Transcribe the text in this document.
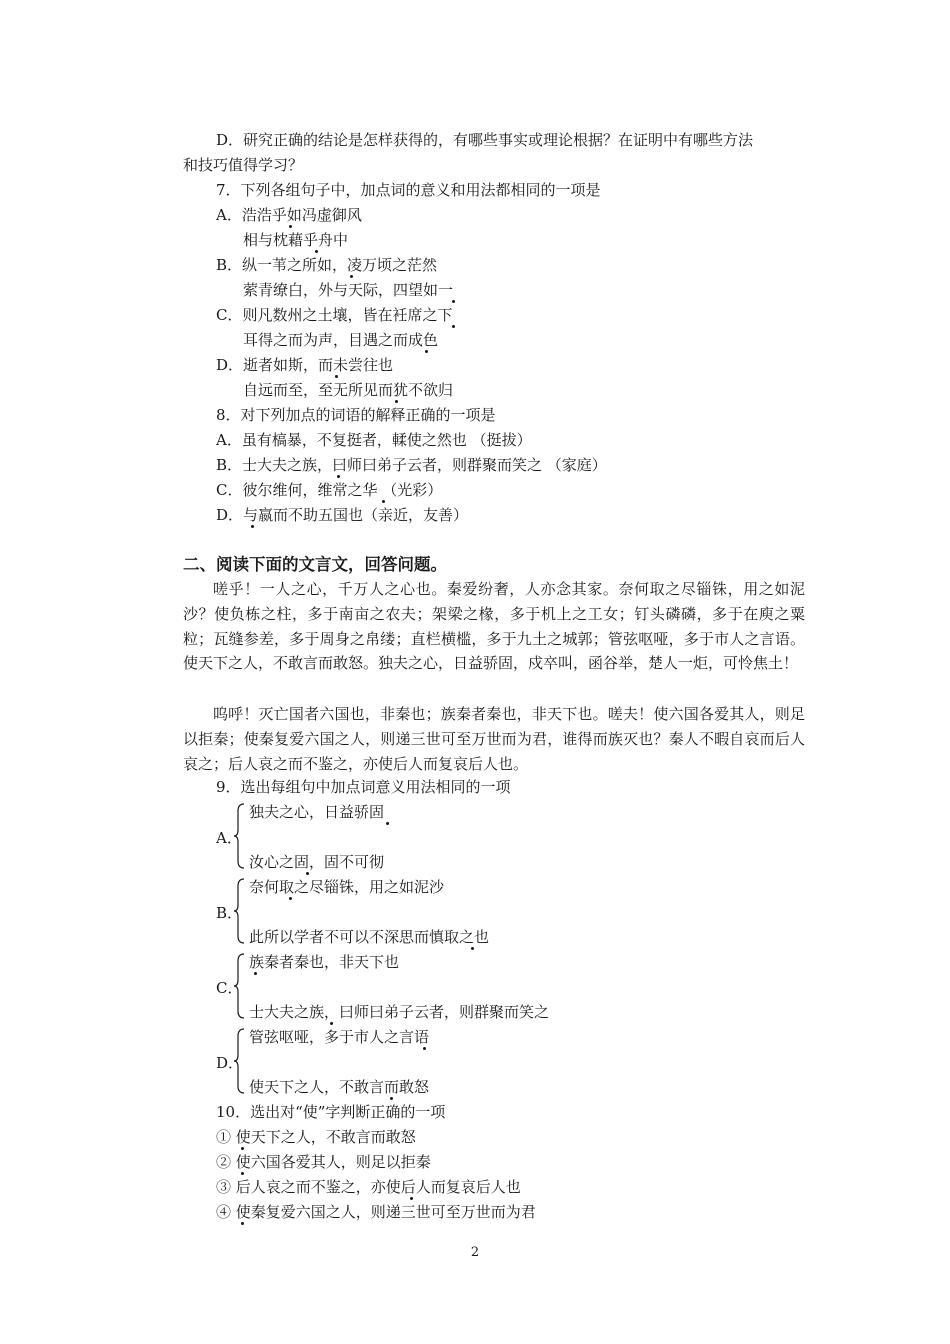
D．研究正确的结论是怎样获得的，有哪些事实或理论根据？在证明中有哪些方法
和技巧值得学习？
7．下列各组句子中，加点词的意义和用法都相同的一项是
A．浩浩乎如冯虚御风
相与枕藉乎舟中
B．纵一苇之所如，凌万顷之茫然
萦青缭白，外与天际，四望如一
C．则凡数州之土壤，皆在衽席之下
耳得之而为声，目遇之而成色
D．逝者如斯，而未尝往也
自远而至，至无所见而犹不欲归
8．对下列加点的词语的解释正确的一项是
A．虽有槁暴，不复挺者，輮使之然也 （挺拔）
B．士大夫之族，曰师曰弟子云者，则群聚而笑之 （家庭）
C．彼尔维何，维常之华 （光彩）
D．与嬴而不助五国也（亲近，友善）
二、阅读下面的文言文，回答问题。
嗟乎！一人之心，千万人之心也。秦爱纷奢，人亦念其家。奈何取之尽锱铢，用之如泥沙？使负栋之柱，多于南亩之农夫；架梁之椽，多于机上之工女；钉头磷磷，多于在庾之粟粒；瓦缝参差，多于周身之帛缕；直栏横槛，多于九土之城郭；管弦呕哑，多于市人之言语。使天下之人，不敢言而敢怒。独夫之心，日益骄固，戍卒叫，函谷举，楚人一炬，可怜焦土！
呜呼！灭亡国者六国也，非秦也；族秦者秦也，非天下也。嗟夫！使六国各爱其人，则足以拒秦；使秦复爱六国之人，则递三世可至万世而为君，谁得而族灭也？秦人不暇自哀而后人哀之；后人哀之而不鉴之，亦使后人而复哀后人也。
9．选出每组句中加点词意义用法相同的一项
A．
独夫之心，日益骄固
汝心之固，固不可彻
B．
奈何取之尽锱铢，用之如泥沙
此所以学者不可以不深思而慎取之也
C．
族秦者秦也，非天下也
士大夫之族，曰师曰弟子云者，则群聚而笑之
D．
管弦呕哑，多于市人之言语
使天下之人，不敢言而敢怒
10．选出对“使”字判断正确的一项
① 使天下之人，不敢言而敢怒
② 使六国各爱其人，则足以拒秦
③ 后人哀之而不鉴之，亦使后人而复哀后人也
④ 使秦复爱六国之人，则递三世可至万世而为君
2
